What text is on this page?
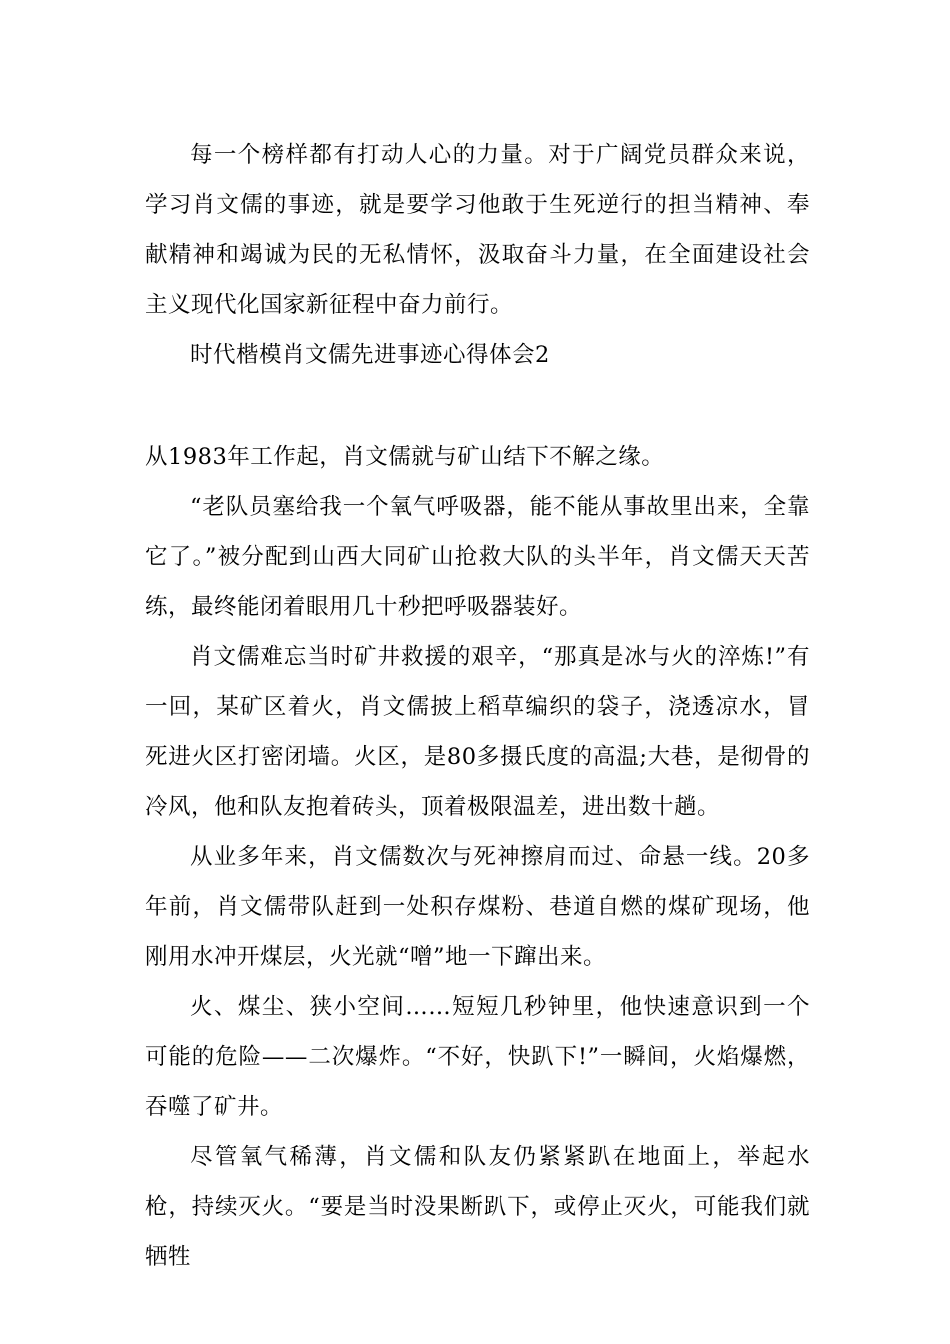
每一个榜样都有打动人心的力量。对于广阔党员群众来说，学习肖文儒的事迹，就是要学习他敢于生死逆行的担当精神、奉献精神和竭诚为民的无私情怀，汲取奋斗力量，在全面建设社会主义现代化国家新征程中奋力前行。

时代楷模肖文儒先进事迹心得体会2

从1983年工作起，肖文儒就与矿山结下不解之缘。

“老队员塞给我一个氧气呼吸器，能不能从事故里出来，全靠它了。”被分配到山西大同矿山抢救大队的头半年，肖文儒天天苦练，最终能闭着眼用几十秒把呼吸器装好。

肖文儒难忘当时矿井救援的艰辛，“那真是冰与火的淬炼!”有一回，某矿区着火，肖文儒披上稻草编织的袋子，浇透凉水，冒死进火区打密闭墙。火区，是80多摄氏度的高温;大巷，是彻骨的冷风，他和队友抱着砖头，顶着极限温差，进出数十趟。

从业多年来，肖文儒数次与死神擦肩而过、命悬一线。20多年前，肖文儒带队赶到一处积存煤粉、巷道自燃的煤矿现场，他刚用水冲开煤层，火光就“噌”地一下蹿出来。

火、煤尘、狭小空间……短短几秒钟里，他快速意识到一个可能的危险——二次爆炸。“不好，快趴下!”一瞬间，火焰爆燃，吞噬了矿井。

尽管氧气稀薄，肖文儒和队友仍紧紧趴在地面上，举起水枪，持续灭火。“要是当时没果断趴下，或停止灭火，可能我们就牺牲
